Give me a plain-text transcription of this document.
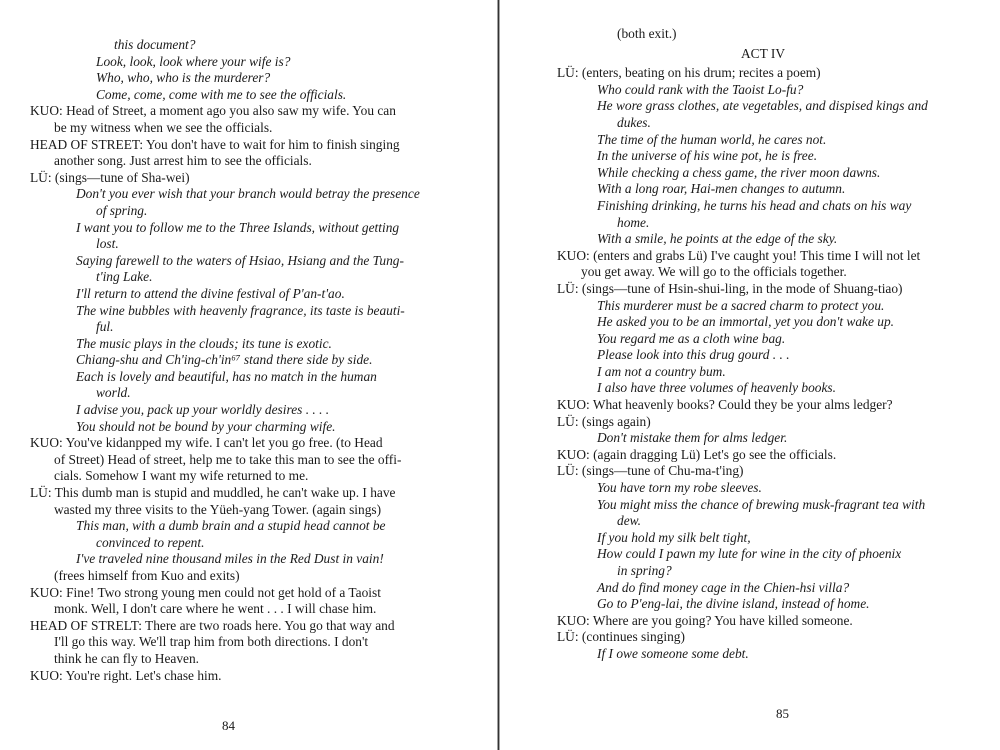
this document?
Look, look, look where your wife is?
Who, who, who is the murderer?
Come, come, come with me to see the officials.
KUO: Head of Street, a moment ago you also saw my wife. You can
be my witness when we see the officials.
HEAD OF STREET: You don't have to wait for him to finish singing
another song. Just arrest him to see the officials.
LÜ: (sings—tune of Sha-wei)
Don't you ever wish that your branch would betray the presence
of spring.
I want you to follow me to the Three Islands, without getting
lost.
Saying farewell to the waters of Hsiao, Hsiang and the Tung-
t'ing Lake.
I'll return to attend the divine festival of P'an-t'ao.
The wine bubbles with heavenly fragrance, its taste is beauti-
ful.
The music plays in the clouds; its tune is exotic.
Chiang-shu and Ch'ing-ch'in⁶⁷ stand there side by side.
Each is lovely and beautiful, has no match in the human
world.
I advise you, pack up your worldly desires . . . .
You should not be bound by your charming wife.
KUO: You've kidanpped my wife. I can't let you go free. (to Head
of Street) Head of street, help me to take this man to see the offi-
cials. Somehow I want my wife returned to me.
LÜ: This dumb man is stupid and muddled, he can't wake up. I have
wasted my three visits to the Yüeh-yang Tower. (again sings)
This man, with a dumb brain and a stupid head cannot be
convinced to repent.
I've traveled nine thousand miles in the Red Dust in vain!
(frees himself from Kuo and exits)
KUO: Fine! Two strong young men could not get hold of a Taoist
monk. Well, I don't care where he went . . . I will chase him.
HEAD OF STRELT: There are two roads here. You go that way and
I'll go this way. We'll trap him from both directions. I don't
think he can fly to Heaven.
KUO: You're right. Let's chase him.
84
(both exit.)
ACT IV
LÜ: (enters, beating on his drum; recites a poem)
Who could rank with the Taoist Lo-fu?
He wore grass clothes, ate vegetables, and dispised kings and
dukes.
The time of the human world, he cares not.
In the universe of his wine pot, he is free.
While checking a chess game, the river moon dawns.
With a long roar, Hai-men changes to autumn.
Finishing drinking, he turns his head and chats on his way
home.
With a smile, he points at the edge of the sky.
KUO: (enters and grabs Lü) I've caught you! This time I will not let
you get away. We will go to the officials together.
LÜ: (sings—tune of Hsin-shui-ling, in the mode of Shuang-tiao)
This murderer must be a sacred charm to protect you.
He asked you to be an immortal, yet you don't wake up.
You regard me as a cloth wine bag.
Please look into this drug gourd . . .
I am not a country bum.
I also have three volumes of heavenly books.
KUO: What heavenly books? Could they be your alms ledger?
LÜ: (sings again)
Don't mistake them for alms ledger.
KUO: (again dragging Lü) Let's go see the officials.
LÜ: (sings—tune of Chu-ma-t'ing)
You have torn my robe sleeves.
You might miss the chance of brewing musk-fragrant tea with
dew.
If you hold my silk belt tight,
How could I pawn my lute for wine in the city of phoenix
in spring?
And do find money cage in the Chien-hsi villa?
Go to P'eng-lai, the divine island, instead of home.
KUO: Where are you going? You have killed someone.
LÜ: (continues singing)
If I owe someone some debt.
85
